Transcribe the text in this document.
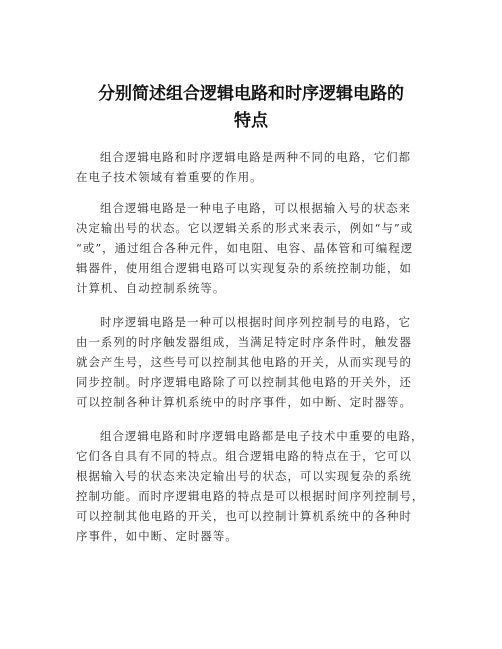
分别简述组合逻辑电路和时序逻辑电路的
特点
组合逻辑电路和时序逻辑电路是两种不同的电路，它们都
在电子技术领域有着重要的作用。
组合逻辑电路是一种电子电路，可以根据输入号的状态来
决定输出号的状态。它以逻辑关系的形式来表示，例如“与”或
“或”，通过组合各种元件，如电阻、电容、晶体管和可编程逻
辑器件，使用组合逻辑电路可以实现复杂的系统控制功能，如
计算机、自动控制系统等。
时序逻辑电路是一种可以根据时间序列控制号的电路，它
由一系列的时序触发器组成，当满足特定时序条件时，触发器
就会产生号，这些号可以控制其他电路的开关，从而实现号的
同步控制。时序逻辑电路除了可以控制其他电路的开关外，还
可以控制各种计算机系统中的时序事件，如中断、定时器等。
组合逻辑电路和时序逻辑电路都是电子技术中重要的电路，
它们各自具有不同的特点。组合逻辑电路的特点在于，它可以
根据输入号的状态来决定输出号的状态，可以实现复杂的系统
控制功能。而时序逻辑电路的特点是可以根据时间序列控制号，
可以控制其他电路的开关，也可以控制计算机系统中的各种时
序事件，如中断、定时器等。
